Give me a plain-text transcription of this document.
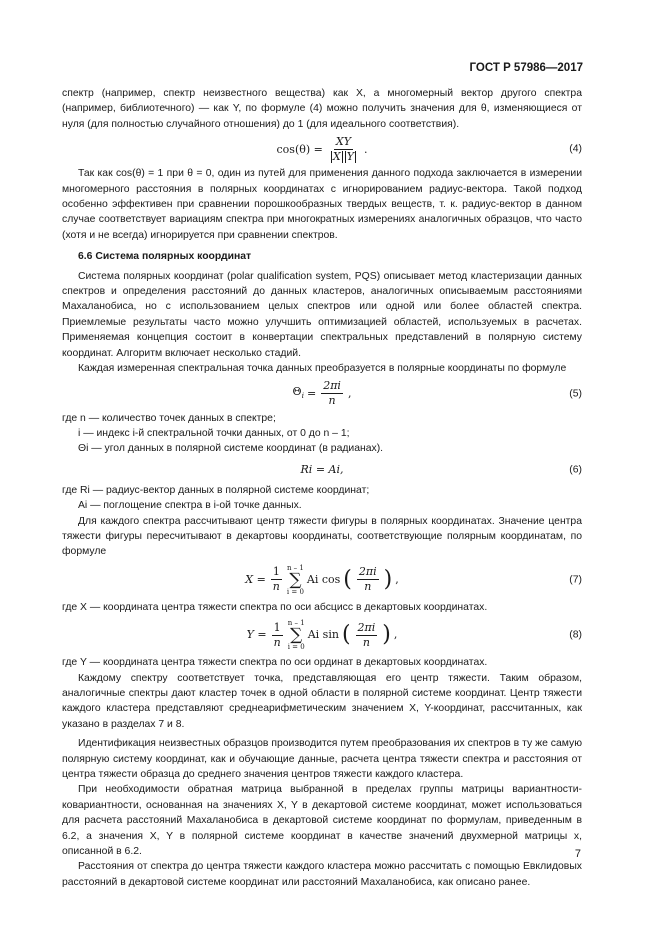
ГОСТ Р 57986—2017

спектр (например, спектр неизвестного вещества) как X, а многомерный вектор другого спектра (например, библиотечного) — как Y, по формуле (4) можно получить значения для θ, изменяющиеся от нуля (для полностью случайного отношения) до 1 (для идеального соответствия).

$\cos(\theta) = \frac{XY}{\text{X Y}}$ .	(4)

Так как cos(θ) = 1 при θ = 0, один из путей для применения данного подхода заключается в измерении многомерного расстояния в полярных координатах с игнорированием радиус-вектора. Такой подход особенно эффективен при сравнении порошкообразных твердых веществ, т. к. радиус-вектор в данном случае соответствует вариациям спектра при многократных измерениях аналогичных образцов, что часто (хотя и не всегда) игнорируется при сравнении спектров.

6.6 Система полярных координат

Система полярных координат (polar qualification system, PQS) описывает метод кластеризации данных спектров и определения расстояний до данных кластеров, аналогичных описываемым расстояниями Махаланобиса, но с использованием целых спектров или одной или более областей спектра. Приемлемые результаты часто можно улучшить оптимизацией областей, используемых в расчетах. Применяемая концепция состоит в конвертации спектральных представлений в полярную систему координат. Алгоритм включает несколько стадий.

Каждая измеренная спектральная точка данных преобразуется в полярные координаты по формуле

$\Theta_i = \frac{2\pi i}{n}$ ,	(5)

где n — количество точек данных в спектре;

i — индекс i-й спектральной точки данных, от 0 до n – 1;

Θi — угол данных в полярной системе координат (в радианах).

Ri = Ai,	(6)

где Ri — радиус-вектор данных в полярной системе координат;

Ai — поглощение спектра в i-ой точке данных.

Для каждого спектра рассчитывают центр тяжести фигуры в полярных координатах. Значение центра тяжести фигуры пересчитывают в декартовы координаты, соответствующие полярным координатам, по формуле

$X = \frac{1}{n}$ n – 1
∑
i = 0
Ai cos ( $\frac{2\pi i}{n}$ ) ,	(7)

где X — координата центра тяжести спектра по оси абсцисс в декартовых координатах.

$Y = \frac{1}{n}$ n – 1
∑
i = 0
Ai sin ( $\frac{2\pi i}{n}$ ) ,	(8)

где Y — координата центра тяжести спектра по оси ординат в декартовых координатах.

Каждому спектру соответствует точка, представляющая его центр тяжести. Таким образом, аналогичные спектры дают кластер точек в одной области в полярной системе координат. Центр тяжести каждого кластера представляют среднеарифметическим значением X, Y-координат, рассчитанных, как указано в разделах 7 и 8.

Идентификация неизвестных образцов производится путем преобразования их спектров в ту же самую полярную систему координат, как и обучающие данные, расчета центра тяжести спектра и расстояния от центра тяжести образца до среднего значения центров тяжести каждого кластера.

При необходимости обратная матрица выбранной в пределах группы матрицы вариантности-ковариантности, основанная на значениях X, Y в декартовой системе координат, может использоваться для расчета расстояний Махаланобиса в декартовой системе координат по формулам, приведенным в 6.2, а значения X, Y в полярной системе координат в качестве значений двухмерной матрицы x, описанной в 6.2.

Расстояния от спектра до центра тяжести каждого кластера можно рассчитать с помощью Евклидовых расстояний в декартовой системе координат или расстояний Махаланобиса, как описано ранее.

7
